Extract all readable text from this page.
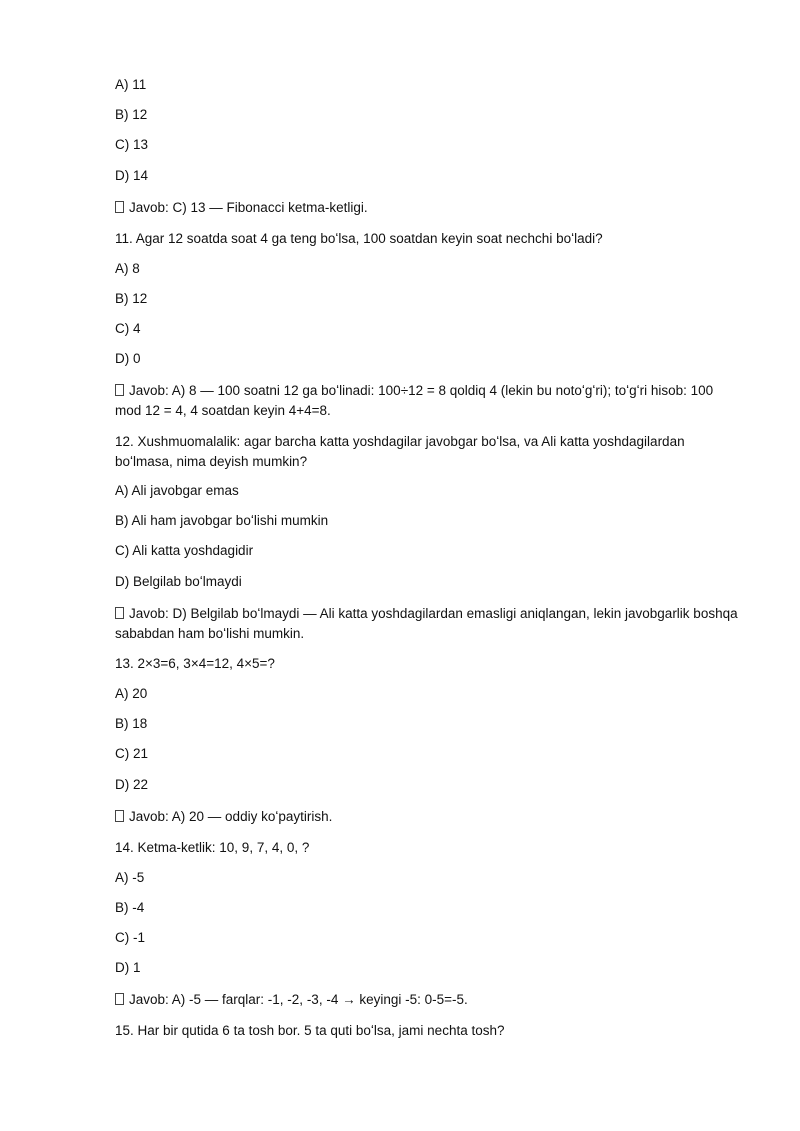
A) 11
B) 12
C) 13
D) 14
Javob: C) 13 — Fibonacci ketma-ketligi.
11. Agar 12 soatda soat 4 ga teng boʻlsa, 100 soatdan keyin soat nechchi boʻladi?
A) 8
B) 12
C) 4
D) 0
Javob: A) 8 — 100 soatni 12 ga boʻlinadi: 100÷12 = 8 qoldiq 4 (lekin bu notoʻgʻri); toʻgʻri hisob: 100 mod 12 = 4, 4 soatdan keyin 4+4=8.
12. Xushmuomalalik: agar barcha katta yoshdagilar javobgar boʻlsa, va Ali katta yoshdagilardan boʻlmasa, nima deyish mumkin?
A) Ali javobgar emas
B) Ali ham javobgar boʻlishi mumkin
C) Ali katta yoshdagidir
D) Belgilab boʻlmaydi
Javob: D) Belgilab boʻlmaydi — Ali katta yoshdagilardan emasligi aniqlangan, lekin javobgarlik boshqa sababdan ham boʻlishi mumkin.
13. 2×3=6, 3×4=12, 4×5=?
A) 20
B) 18
C) 21
D) 22
Javob: A) 20 — oddiy koʻpaytirish.
14. Ketma-ketlik: 10, 9, 7, 4, 0, ?
A) -5
B) -4
C) -1
D) 1
Javob: A) -5 — farqlar: -1, -2, -3, -4 → keyingi -5: 0-5=-5.
15. Har bir qutida 6 ta tosh bor. 5 ta quti boʻlsa, jami nechta tosh?
